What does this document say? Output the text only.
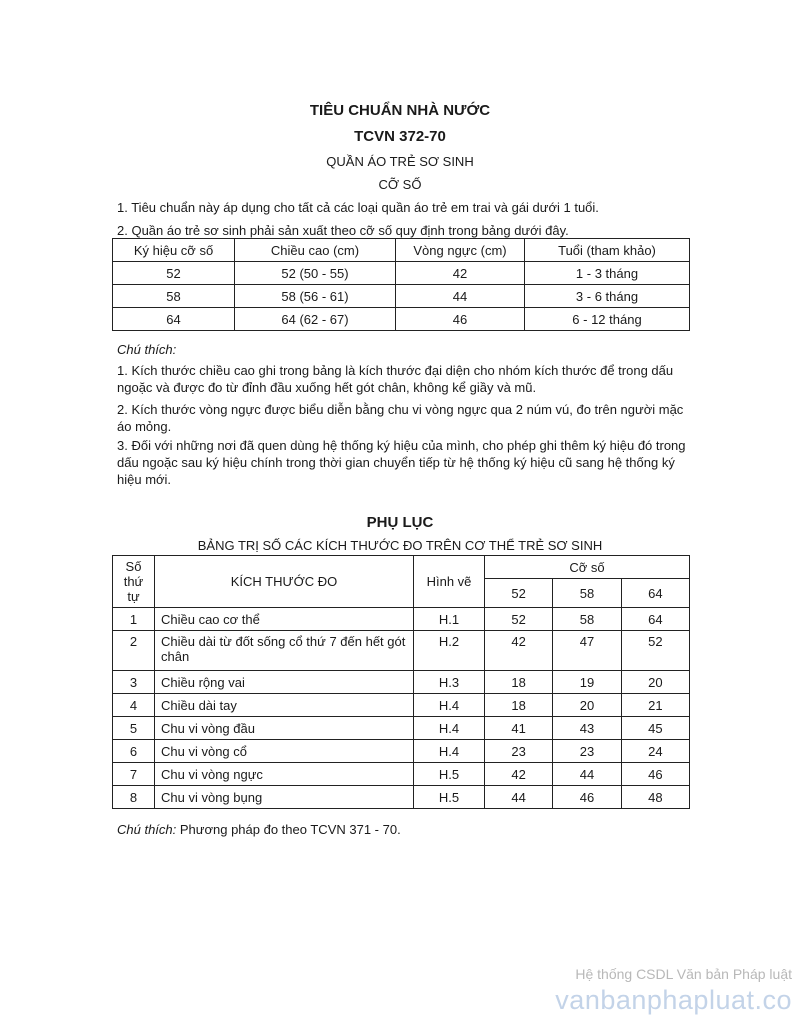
TIÊU CHUẨN NHÀ NƯỚC
TCVN 372-70
QUẦN ÁO TRẺ SƠ SINH
CỠ SỐ
1. Tiêu chuẩn này áp dụng cho tất cả các loại quần áo trẻ em trai và gái dưới 1 tuổi.
2. Quần áo trẻ sơ sinh phải sản xuất theo cỡ số quy định trong bảng dưới đây.
Ký hiệu cỡ số	Chiều cao (cm)	Vòng ngực (cm)	Tuổi (tham khảo)
52	52 (50 - 55)	42	1 - 3 tháng
58	58 (56 - 61)	44	3 - 6 tháng
64	64 (62 - 67)	46	6 - 12 tháng
Chú thích:
1. Kích thước chiều cao ghi trong bảng là kích thước đại diện cho nhóm kích thước để trong dấu ngoặc và được đo từ đỉnh đầu xuống hết gót chân, không kể giầy và mũ.
2. Kích thước vòng ngực được biểu diễn bằng chu vi vòng ngực qua 2 núm vú, đo trên người mặc áo mỏng.
3. Đối với những nơi đã quen dùng hệ thống ký hiệu của mình, cho phép ghi thêm ký hiệu đó trong dấu ngoặc sau ký hiệu chính trong thời gian chuyển tiếp từ hệ thống ký hiệu cũ sang hệ thống ký hiệu mới.
PHỤ LỤC
BẢNG TRỊ SỐ CÁC KÍCH THƯỚC ĐO TRÊN CƠ THỂ TRẺ SƠ SINH
Số thứ tự	KÍCH THƯỚC ĐO	Hình vẽ	Cỡ số		
			52	58	64
1	Chiều cao cơ thể	H.1	52	58	64
2	Chiều dài từ đốt sống cổ thứ 7 đến hết gót chân	H.2	42	47	52
3	Chiều rộng vai	H.3	18	19	20
4	Chiều dài tay	H.4	18	20	21
5	Chu vi vòng đầu	H.4	41	43	45
6	Chu vi vòng cổ	H.4	23	23	24
7	Chu vi vòng ngực	H.5	42	44	46
8	Chu vi vòng bụng	H.5	44	46	48
Chú thích: Phương pháp đo theo TCVN 371 - 70.
Hệ thống CSDL Văn bản Pháp luật
vanbanphapluat.co
